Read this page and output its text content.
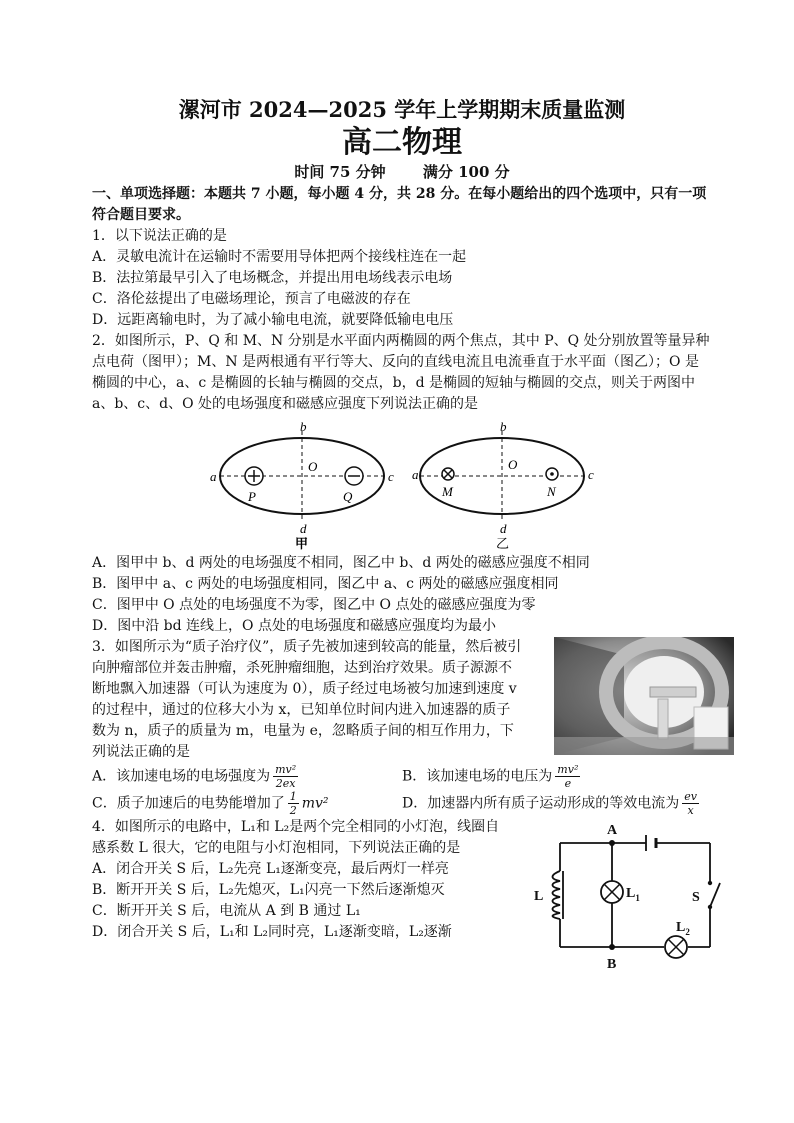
漯河市 2024—2025 学年上学期期末质量监测
高二物理
时间 75 分钟 满分 100 分

一、单项选择题：本题共 7 小题，每小题 4 分，共 28 分。在每小题给出的四个选项中，只有一项符合题目要求。

1．以下说法正确的是

A．灵敏电流计在运输时不需要用导体把两个接线柱连在一起

B．法拉第最早引入了电场概念，并提出用电场线表示电场

C．洛伦兹提出了电磁场理论，预言了电磁波的存在

D．远距离输电时，为了减小输电电流，就要降低输电电压

2．如图所示，P、Q 和 M、N 分别是水平面内两椭圆的两个焦点，其中 P、Q 处分别放置等量异种点电荷（图甲）；M、N 是两根通有平行等大、反向的直线电流且电流垂直于水平面（图乙）；O 是椭圆的中心，a、c 是椭圆的长轴与椭圆的交点，b，d 是椭圆的短轴与椭圆的交点，则关于两图中 a、b、c、d、O 处的电场强度和磁感应强度下列说法正确的是

a	c
b
d
O
P	Q
甲
a	c
b
d
O
M	N
乙

A．图甲中 b、d 两处的电场强度不相同，图乙中 b、d 两处的磁感应强度不相同

B．图甲中 a、c 两处的电场强度相同，图乙中 a、c 两处的磁感应强度相同

C．图甲中 O 点处的电场强度不为零，图乙中 O 点处的磁感应强度为零

D．图中沿 bd 连线上，O 点处的电场强度和磁感应强度均为最小

3．如图所示为“质子治疗仪”，质子先被加速到较高的能量，然后被引向肿瘤部位并轰击肿瘤，杀死肿瘤细胞，达到治疗效果。质子源源不断地飘入加速器（可认为速度为 0），质子经过电场被匀加速到速度 v 的过程中，通过的位移大小为 x，已知单位时间内进入加速器的质子数为 n，质子的质量为 m，电量为 e，忽略质子间的相互作用力，下列说法正确的是

A．该加速电场的电场强度为 $\frac{\text{mv²}}{2ex}$	B．该加速电场的电压为 $\frac{\text{mv²}}{e}$

C．质子加速后的电势能增加了 $\frac{1}{2} mv^2$	D．加速器内所有质子运动形成的等效电流为 $\frac{ev}{x}$

4．如图所示的电路中，L₁和 L₂是两个完全相同的小灯泡，线圈自感系数 L 很大，它的电阻与小灯泡相同，下列说法正确的是

A．闭合开关 S 后，L₂先亮 L₁逐渐变亮，最后两灯一样亮

B．断开开关 S 后，L₂先熄灭，L₁闪亮一下然后逐渐熄灭

C．断开开关 S 后，电流从 A 到 B 通过 L₁

D．闭合开关 S 后，L₁和 L₂同时亮，L₁逐渐变暗，L₂逐渐

A
B
L	S
$L_1$
$L_2$
